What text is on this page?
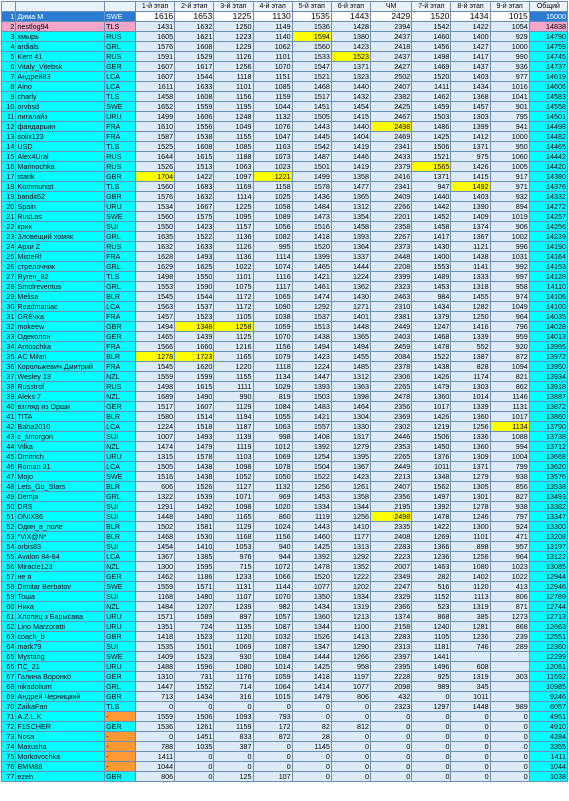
			1-й этап	2-й этап	3-й этап	4-й этап	5-й этап	6-й этап	ЧМ	7-й этап	8-й этап	9-й этап	Общий
1	Дима М	SWE	1616	1653	1225	1130	1535	1443	2429	1520	1434	1015	15000
2	nestlog94	TLS	1431	1632	1250	1149	1536	1428	2394	1542	1422	1054	14838
3	хмырь	RUS	1605	1621	1223	1140	1594	1380	2437	1460	1400	929	14790
4	ardials	GRL	1576	1608	1229	1062	1560	1423	2418	1456	1427	1000	14759
5	Kent 41	RUS	1591	1529	1126	1101	1533	1523	2437	1498	1417	990	14745
6	Vitaly_Vitebsk	GER	1607	1617	1256	1070	1547	1371	2427	1469	1437	936	14737
7	Андрей83	LCA	1607	1544	1118	1151	1521	1323	2502	1520	1403	977	14619
8	Aino	LCA	1611	1633	1101	1085	1468	1440	2407	1411	1434	1016	14606
9	charly	TLS	1458	1608	1156	1159	1517	1432	2382	1462	1368	1041	14583
10	orvbsd	SWE	1652	1559	1195	1044	1451	1454	2425	1459	1457	901	14558
11	лигалайз	URU	1499	1606	1248	1132	1505	1415	2467	1503	1303	795	14501
12	фандарьин	FRA	1610	1556	1049	1076	1443	1440	2498	1486	1399	941	14498
13	solix123	FRA	1587	1538	1155	1047	1445	1404	2469	1425	1412	1000	14482
14	USD	TLS	1525	1608	1085	1163	1542	1419	2341	1506	1371	950	14465
15	Alex4Ural	RUS	1644	1615	1188	1073	1487	1446	2433	1521	975	1060	14442
16	Marinochka	RUS	1526	1513	1063	1023	1501	1419	2379	1565	1426	1005	14420
17	starik	GBR	1704	1422	1097	1221	1499	1358	2416	1371	1415	917	14380
18	Kommunist	TLS	1560	1683	1169	1158	1578	1477	2341	947	1492	971	14376
19	bandit62	GBR	1576	1632	1114	1025	1436	1365	2409	1440	1403	932	14332
20	Spain	URU	1534	1667	1225	1058	1484	1312	2266	1442	1390	894	14272
21	RusLas	SWE	1560	1575	1095	1089	1473	1354	2201	1452	1409	1019	14257
22	крик	SUI	1550	1423	1157	1056	1516	1458	2358	1458	1374	906	14256
23	Зловещий хомяк	GRL	1635	1522	1136	1082	1418	1393	2267	1417	1367	1002	14239
24	Архи Z	RUS	1632	1633	1126	995	1520	1364	2373	1430	1121	996	14190
25	MisteR!	FRA	1628	1493	1136	1114	1399	1337	2448	1400	1438	1031	14164
26	стрелочник	GRL	1629	1625	1022	1074	1465	1444	2208	1553	1141	992	14153
27	Яуген_82	TLS	1498	1550	1101	1116	1421	1224	2399	1489	1333	997	14128
28	Smolreventus	GRL	1553	1590	1075	1117	1461	1362	2323	1453	1318	958	14110
29	Melisa	BLR	1545	1544	1172	1065	1474	1430	2463	984	1455	974	14106
30	Readmaniac	LCA	1563	1537	1172	1090	1292	1271	2310	1434	1282	1049	14100
31	GREчка	FRA	1457	1523	1105	1038	1537	1401	2381	1379	1250	964	14035
32	mokeew	GBR	1494	1348	1258	1059	1513	1448	2449	1247	1416	796	14028
33	Одеколон	GER	1465	1439	1125	1070	1438	1365	2403	1468	1339	959	14013
34	Antoschka	FRA	1566	1660	1216	1156	1494	1494	2459	1478	552	920	13995
35	AC Milan	BLR	1278	1723	1165	1079	1423	1455	2084	1522	1387	872	13972
36	Корольжевич Дмитрий	FRA	1545	1620	1220	1118	1224	1485	2378	1438	828	1094	13950
37	Wesley 13	NZL	1559	1599	1155	1134	1447	1312	2306	1426	1174	821	13934
38	Russtrof	RUS	1498	1615	1111	1029	1393	1363	2265	1479	1303	862	13918
39	Aleks 7	NZL	1689	1490	990	819	1503	1398	2478	1360	1014	1146	13887
40	взгляд из Орши	GER	1517	1607	1129	1084	1483	1464	2356	1017	1339	1131	13872
41	TITA	BLR	1580	1514	1194	1055	1421	1304	2369	1426	1360	1017	13860
42	Baha2010	LCA	1224	1518	1187	1063	1557	1330	2302	1219	1256	1134	13790
43	с_smorgon	SUI	1007	1493	1139	998	1408	1317	2446	1506	1336	1088	13738
44	Vilka	NZL	1474	1479	1119	1012	1392	1279	2353	1450	1360	994	13712
45	Dmitrich	URU	1315	1578	1103	1069	1254	1395	2265	1376	1309	1004	13668
46	Roman 31	LCA	1505	1438	1098	1078	1504	1367	2449	1011	1371	799	13620
47	Mojo	SWE	1516	1438	1052	1050	1522	1423	2213	1348	1279	938	13576
48	Lets_Go_Stars	BLR	606	1526	1127	1132	1256	1261	2407	1562	1305	856	13538
49	Demja	GRL	1322	1539	1071	969	1453	1358	2356	1497	1301	827	13493
50	DRS	SUI	1291	1492	1098	1020	1334	1344	2195	1392	1278	938	13382
51	ONIX86	SUI	1448	1480	1165	860	1119	1256	2498	1478	1246	797	13347
52	Один_в_поле	BLR	1502	1581	1129	1024	1443	1410	2335	1422	1300	924	13300
53	*ViX@N*	BLR	1468	1530	1168	1156	1460	1177	2408	1269	1101	471	13208
54	orbis83	SUI	1454	1410	1053	940	1425	1313	2283	1366	898	957	13197
55	Avalon 84-84	LCA	1367	1385	976	944	1392	1292	2223	1236	1256	964	13122
56	Miracle123	NZL	1300	1595	715	1072	1478	1352	2007	1463	1080	1023	13085
57	не я	GER	1462	1186	1233	1066	1520	1222	2349	282	1402	1022	12944
58	Dimitar Berbatov	SWE	1559	1571	1131	1144	1077	1202	2247	516	1120	413	12946
59	Тоша	SUI	1168	1480	1107	1070	1350	1334	2329	1152	1113	806	12789
60	Ника	NZL	1484	1207	1239	982	1434	1319	2366	523	1319	871	12744
61	Хлопец з Барысава	URU	1571	1589	897	1057	1360	1213	1374	868	385	1273	12713
62	Lino Marzoratti	URU	1351	724	1135	1087	1344	1100	2158	1240	1281	868	12663
63	coach_b	GBR	1418	1523	1120	1032	1526	1413	2283	1105	1236	239	12551
64	mark79	SUI	1535	1501	1069	1087	1347	1290	2313	1181	746	289	12360
65	Mystang	SWE	1409	1523	930	1084	1444	1266	2397	1441			12299
66	ПС_21	URU	1488	1596	1080	1014	1425	958	2395	1496	608		12061
67	Галина Воронко	GER	1310	731	1176	1059	1418	1197	2228	925	1319	303	11592
68	nikadolium	GRL	1447	1552	714	1064	1414	1077	2098	989	345		10985
69	Андрей Черницкий	GBR	713	1434	316	1015	1479	806	432	0	1011		9246
70	ZaikaFan	TLS	0	0	0	0	0	0	2323	1297	1448	989	6057
71	A.Z.L.K	-	1559	1506	1093	793	0	0	0	0	0	0	4951
72	F1SCHER	GER	1536	1261	1159	172	82	812	0	0	0	0	4910
73	Nosa	-	0	1451	833	872	28	0	0	0	0	0	4284
74	Maxusha	-	788	1035	387	0	1145	0	0	0	0	0	3355
75	Morkovochka	-	1411	0	0	0	0	0	0	0	0	0	1411
76	BMM88	-	1044	0	0	0	0	0	0	0	0	0	1044
77	ezeh	GBR	806	0	125	107	0	0	0	0	0	0	1038
